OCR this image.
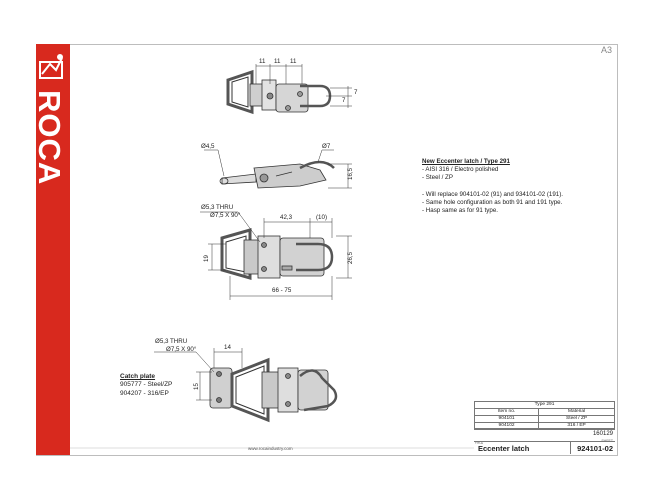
ROCA
A3
11 11 11
7
7
Ø4,5	Ø7
16,5
Ø5,3 THRU
Ø7,5 X 90°	42,3	(10)
19	26,5
66 - 75
Ø5,3 THRU
Ø7,5 X 90°	14
15
New Eccenter latch / Type 291
- AISI 316 / Electro polished
- Steel / ZP
- Will replace 904101-02 (91) and 934101-02 (191).
- Same hole configuration as both 91 and 191 type.
- Hasp same as for 91 type.
Catch plate
905777 - Steel/ZP
904207 - 316/EP
www.rocaindustry.com
Type 291	
Item no.	Material
904101	Steel / ZP
904102	316 / EP
160129
SHEET
TITLE
Eccenter latch	924101-02
